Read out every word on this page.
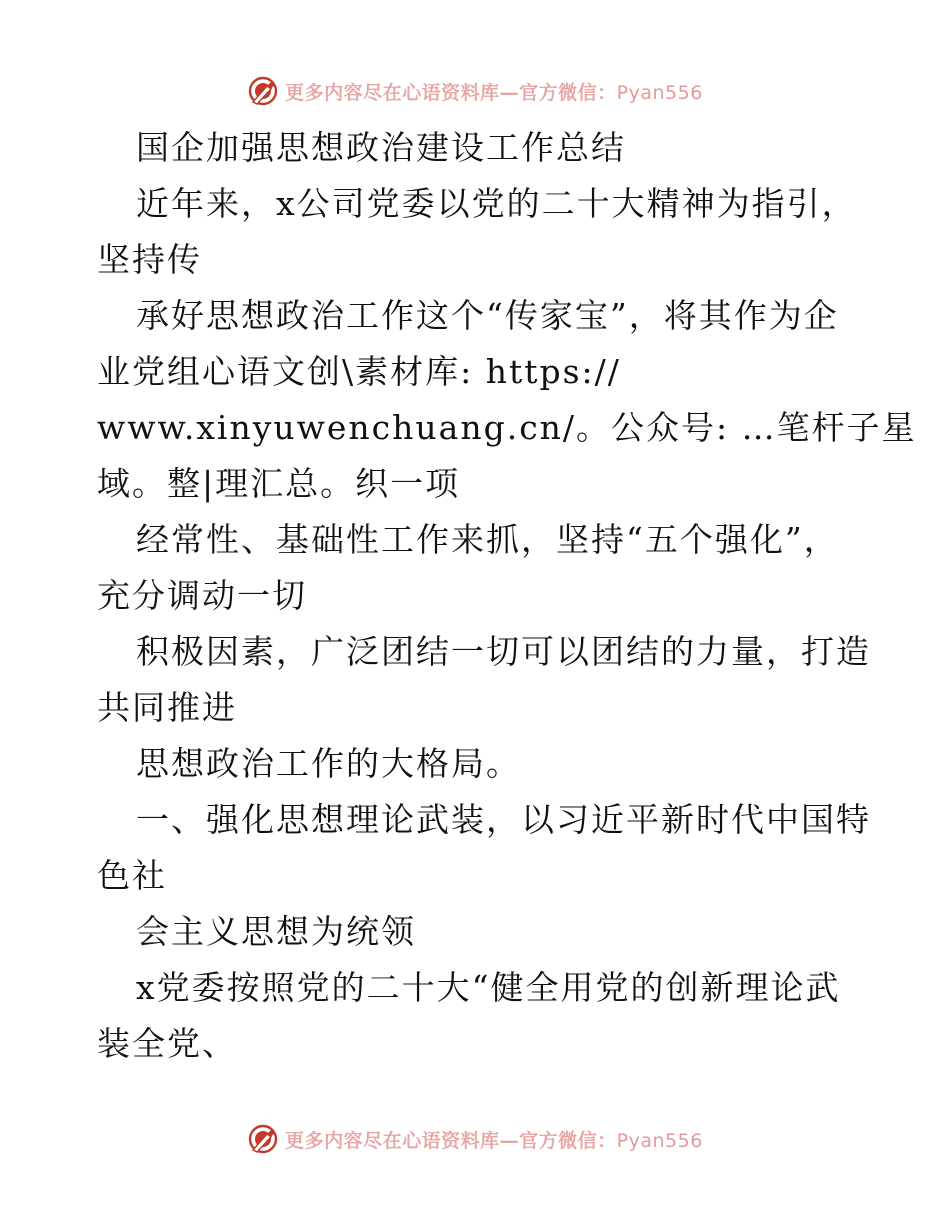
更多内容尽在心语资料库—官方微信：Pyan556
国企加强思想政治建设工作总结
近年来，x公司党委以党的二十大精神为指引，
坚持传
承好思想政治工作这个“传家宝”，将其作为企
业党组心语文创\素材库: https://
www.xinyuwenchuang.cn/。公众号: …笔杆子星
域。整|理汇总。织一项
经常性、基础性工作来抓，坚持“五个强化”，
充分调动一切
积极因素，广泛团结一切可以团结的力量，打造
共同推进
思想政治工作的大格局。
一、强化思想理论武装，以习近平新时代中国特
色社
会主义思想为统领
x党委按照党的二十大“健全用党的创新理论武
装全党、
更多内容尽在心语资料库—官方微信：Pyan556
